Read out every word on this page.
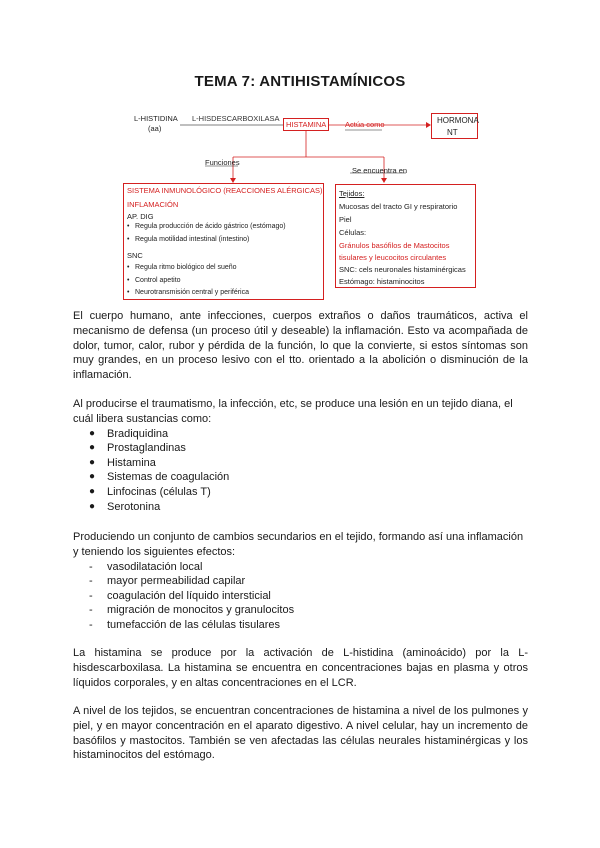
TEMA 7: ANTIHISTAMÍNICOS
L-HISTIDINA
(aa)
L-HISDESCARBOXILASA
HISTAMINA Actúa como	HORMONA
NT
Funciones
Se encuentra en
SISTEMA INMUNOLÓGICO (REACCIONES ALÉRGICAS)
INFLAMACIÓN
AP. DIG
• Regula producción de ácido gástrico (estómago)
• Regula motilidad intestinal (intestino)
SNC
• Regula ritmo biológico del sueño
• Control apetito
• Neurotransmisión central y periférica
Tejidos:
Mucosas del tracto GI y respiratorio
Piel
Células:
Gránulos basófilos de Mastocitos
tisulares y leucocitos circulantes
SNC: cels neuronales histaminérgicas
Estómago: histaminocitos

El cuerpo humano, ante infecciones, cuerpos extraños o daños traumáticos, activa el mecanismo de defensa (un proceso útil y deseable) la inflamación. Esto va acompañada de dolor, tumor, calor, rubor y pérdida de la función, lo que la convierte, si estos síntomas son muy grandes, en un proceso lesivo con el tto. orientado a la abolición o disminución de la inflamación.

Al producirse el traumatismo, la infección, etc, se produce una lesión en un tejido diana, el cuál libera sustancias como:

● Bradiquidina
● Prostaglandinas
● Histamina
● Sistemas de coagulación
● Linfocinas (células T)
● Serotonina

Produciendo un conjunto de cambios secundarios en el tejido, formando así una inflamación y teniendo los siguientes efectos:

- vasodilatación local
- mayor permeabilidad capilar
- coagulación del líquido intersticial
- migración de monocitos y granulocitos
- tumefacción de las células tisulares

La histamina se produce por la activación de L-histidina (aminoácido) por la L-hisdescarboxilasa. La histamina se encuentra en concentraciones bajas en plasma y otros líquidos corporales, y en altas concentraciones en el LCR.

A nivel de los tejidos, se encuentran concentraciones de histamina a nivel de los pulmones y piel, y en mayor concentración en el aparato digestivo. A nivel celular, hay un incremento de basófilos y mastocitos. También se ven afectadas las células neurales histaminérgicas y los histaminocitos del estómago.
